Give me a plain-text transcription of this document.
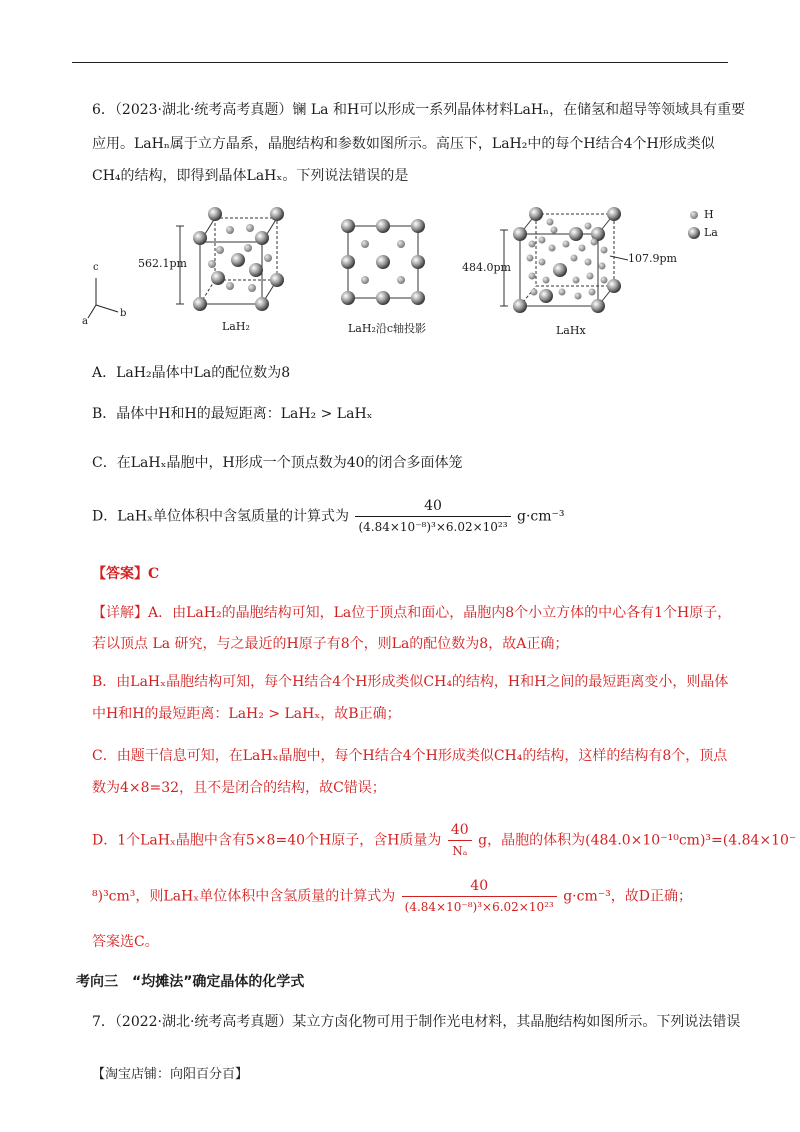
6．（2023·湖北·统考高考真题）镧 La 和H可以形成一系列晶体材料LaHₙ，在储氢和超导等领域具有重要
应用。LaHₙ属于立方晶系，晶胞结构和参数如图所示。高压下，LaH₂中的每个H结合4个H形成类似
CH₄的结构，即得到晶体LaHₓ。下列说法错误的是
c
a
b
562.1pm	484.0pm
107.9pm
H
La
LaH₂	LaH₂沿c轴投影	LaHx
A．LaH₂晶体中La的配位数为8
B．晶体中H和H的最短距离：LaH₂ > LaHₓ
C．在LaHₓ晶胞中，H形成一个顶点数为40的闭合多面体笼
D．LaHₓ单位体积中含氢质量的计算式为 $\frac{40}{\text{(4.84×10⁻⁸)³×6.02×10²³}} g\cdot cm^{-3}$
【答案】C
【详解】A．由LaH₂的晶胞结构可知，La位于顶点和面心，晶胞内8个小立方体的中心各有1个H原子，
若以顶点 La 研究，与之最近的H原子有8个，则La的配位数为8，故A正确；
B．由LaHₓ晶胞结构可知，每个H结合4个H形成类似CH₄的结构，H和H之间的最短距离变小，则晶体
中H和H的最短距离：LaH₂ > LaHₓ，故B正确；
C．由题干信息可知，在LaHₓ晶胞中，每个H结合4个H形成类似CH₄的结构，这样的结构有8个，顶点
数为4×8=32，且不是闭合的结构，故C错误；
D．1个LaHₓ晶胞中含有5×8=40个H原子，含H质量为 $\frac{40}{\text{Nₐ}}$ g，晶胞的体积为(484.0×10⁻¹⁰cm)³=(4.84×10⁻
⁸)³cm³，则LaHₓ单位体积中含氢质量的计算式为 $\frac{40}{\text{(4.84×10⁻⁸)³×6.02×10²³}} g\cdot cm^{-3}$，故D正确；
答案选C。
考向三　“均摊法”确定晶体的化学式
7．（2022·湖北·统考高考真题）某立方卤化物可用于制作光电材料，其晶胞结构如图所示。下列说法错误
【淘宝店铺：向阳百分百】
